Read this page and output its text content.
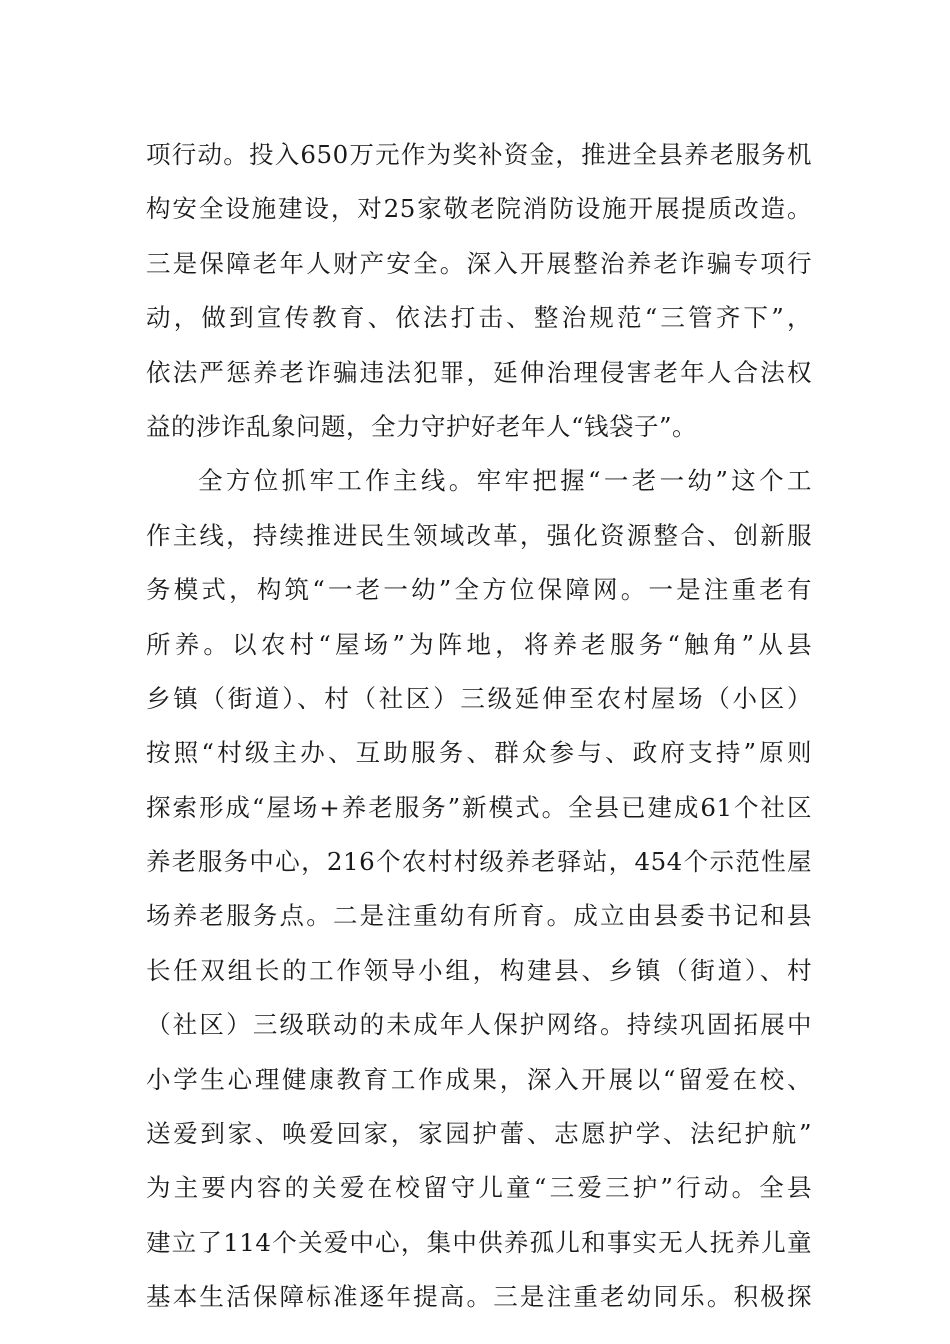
项行动。投入650万元作为奖补资金，推进全县养老服务机
构安全设施建设，对25家敬老院消防设施开展提质改造。
三是保障老年人财产安全。深入开展整治养老诈骗专项行
动，做到宣传教育、依法打击、整治规范“三管齐下”，
依法严惩养老诈骗违法犯罪，延伸治理侵害老年人合法权
益的涉诈乱象问题，全力守护好老年人“钱袋子”。
全方位抓牢工作主线。牢牢把握“一老一幼”这个工
作主线，持续推进民生领域改革，强化资源整合、创新服
务模式，构筑“一老一幼”全方位保障网。一是注重老有
所养。以农村“屋场”为阵地，将养老服务“触角”从县
乡镇（街道）、村（社区）三级延伸至农村屋场（小区）
按照“村级主办、互助服务、群众参与、政府支持”原则
探索形成“屋场+养老服务”新模式。全县已建成61个社区
养老服务中心，216个农村村级养老驿站，454个示范性屋
场养老服务点。二是注重幼有所育。成立由县委书记和县
长任双组长的工作领导小组，构建县、乡镇（街道）、村
（社区）三级联动的未成年人保护网络。持续巩固拓展中
小学生心理健康教育工作成果，深入开展以“留爱在校、
送爱到家、唤爱回家，家园护蕾、志愿护学、法纪护航”
为主要内容的关爱在校留守儿童“三爱三护”行动。全县
建立了114个关爱中心，集中供养孤儿和事实无人抚养儿童
基本生活保障标准逐年提高。三是注重老幼同乐。积极探
